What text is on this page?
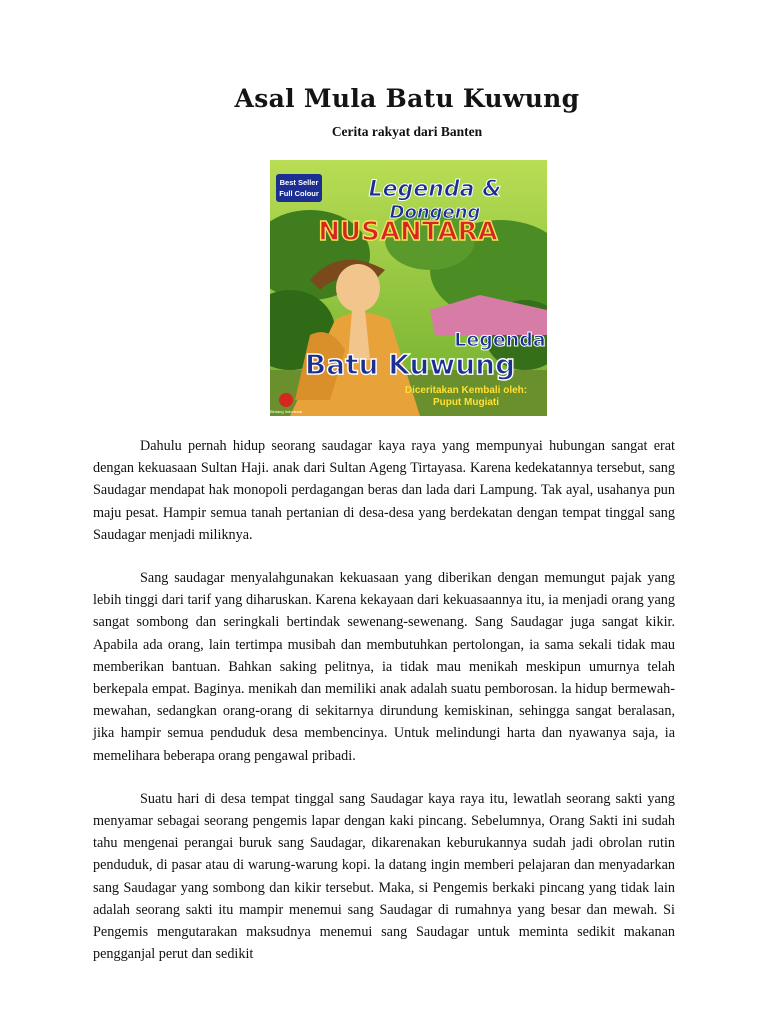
Asal Mula Batu Kuwung
Cerita rakyat dari Banten
Best Seller
Full Colour Legenda &
Dongeng
NUSANTARA
Legenda
Batu Kuwung
Diceritakan Kembali oleh:
Puput Mugiati
Bintang Indonesia

Dahulu pernah hidup seorang saudagar kaya raya yang mempunyai hubungan sangat erat dengan kekuasaan Sultan Haji. anak dari Sultan Ageng Tirtayasa. Karena kedekatannya tersebut, sang Saudagar mendapat hak monopoli perdagangan beras dan lada dari Lampung. Tak ayal, usahanya pun maju pesat. Hampir semua tanah pertanian di desa-desa yang berdekatan dengan tempat tinggal sang Saudagar menjadi miliknya.

Sang saudagar menyalahgunakan kekuasaan yang diberikan dengan memungut pajak yang lebih tinggi dari tarif yang diharuskan. Karena kekayaan dari kekuasaannya itu, ia menjadi orang yang sangat sombong dan seringkali bertindak sewenang-sewenang. Sang Saudagar juga sangat kikir. Apabila ada orang, lain tertimpa musibah dan membutuhkan pertolongan, ia sama sekali tidak mau memberikan bantuan. Bahkan saking pelitnya, ia tidak mau menikah meskipun umurnya telah berkepala empat. Baginya. menikah dan memiliki anak adalah suatu pemborosan. la hidup bermewah-mewahan, sedangkan orang-orang di sekitarnya dirundung kemiskinan, sehingga sangat beralasan, jika hampir semua penduduk desa membencinya. Untuk melindungi harta dan nyawanya saja, ia memelihara beberapa orang pengawal pribadi.

Suatu hari di desa tempat tinggal sang Saudagar kaya raya itu, lewatlah seorang sakti yang menyamar sebagai seorang pengemis lapar dengan kaki pincang. Sebelumnya, Orang Sakti ini sudah tahu mengenai perangai buruk sang Saudagar, dikarenakan keburukannya sudah jadi obrolan rutin penduduk, di pasar atau di warung-warung kopi. la datang ingin memberi pelajaran dan menyadarkan sang Saudagar yang sombong dan kikir tersebut. Maka, si Pengemis berkaki pincang yang tidak lain adalah seorang sakti itu mampir menemui sang Saudagar di rumahnya yang besar dan mewah. Si Pengemis mengutarakan maksudnya menemui sang Saudagar untuk meminta sedikit makanan pengganjal perut dan sedikit
